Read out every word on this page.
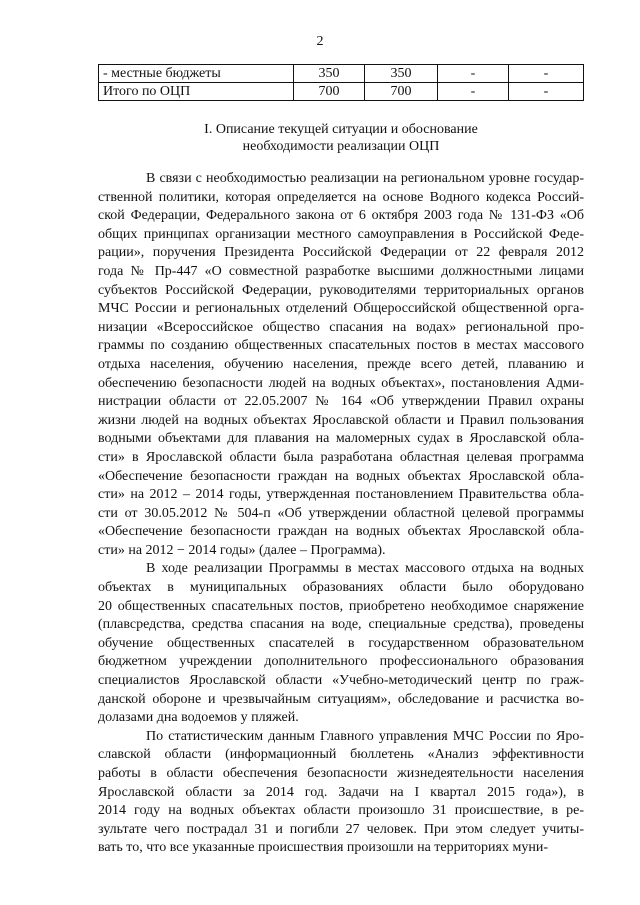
2
- местные бюджеты	350	350	-	-
Итого по ОЦП	700	700	-	-
I. Описание текущей ситуации и обоснование
необходимости реализации ОЦП
В связи с необходимостью реализации на региональном уровне государ-
ственной политики, которая определяется на основе Водного кодекса Россий-
ской Федерации, Федерального закона от 6 октября 2003 года № 131-ФЗ «Об
общих принципах организации местного самоуправления в Российской Феде-
рации», поручения Президента Российской Федерации от 22 февраля 2012
года № Пр-447 «О совместной разработке высшими должностными лицами
субъектов Российской Федерации, руководителями территориальных органов
МЧС России и региональных отделений Общероссийской общественной орга-
низации «Всероссийское общество спасания на водах» региональной про-
граммы по созданию общественных спасательных постов в местах массового
отдыха населения, обучению населения, прежде всего детей, плаванию и
обеспечению безопасности людей на водных объектах», постановления Адми-
нистрации области от 22.05.2007 № 164 «Об утверждении Правил охраны
жизни людей на водных объектах Ярославской области и Правил пользования
водными объектами для плавания на маломерных судах в Ярославской обла-
сти» в Ярославской области была разработана областная целевая программа
«Обеспечение безопасности граждан на водных объектах Ярославской обла-
сти» на 2012 – 2014 годы, утвержденная постановлением Правительства обла-
сти от 30.05.2012 № 504-п «Об утверждении областной целевой программы
«Обеспечение безопасности граждан на водных объектах Ярославской обла-
сти» на 2012 − 2014 годы» (далее – Программа).
В ходе реализации Программы в местах массового отдыха на водных
объектах в муниципальных образованиях области было оборудовано
20 общественных спасательных постов, приобретено необходимое снаряжение
(плавсредства, средства спасания на воде, специальные средства), проведены
обучение общественных спасателей в государственном образовательном
бюджетном учреждении дополнительного профессионального образования
специалистов Ярославской области «Учебно-методический центр по граж-
данской обороне и чрезвычайным ситуациям», обследование и расчистка во-
долазами дна водоемов у пляжей.
По статистическим данным Главного управления МЧС России по Яро-
славской области (информационный бюллетень «Анализ эффективности
работы в области обеспечения безопасности жизнедеятельности населения
Ярославской области за 2014 год. Задачи на I квартал 2015 года»), в
2014 году на водных объектах области произошло 31 происшествие, в ре-
зультате чего пострадал 31 и погибли 27 человек. При этом следует учиты-
вать то, что все указанные происшествия произошли на территориях муни-
